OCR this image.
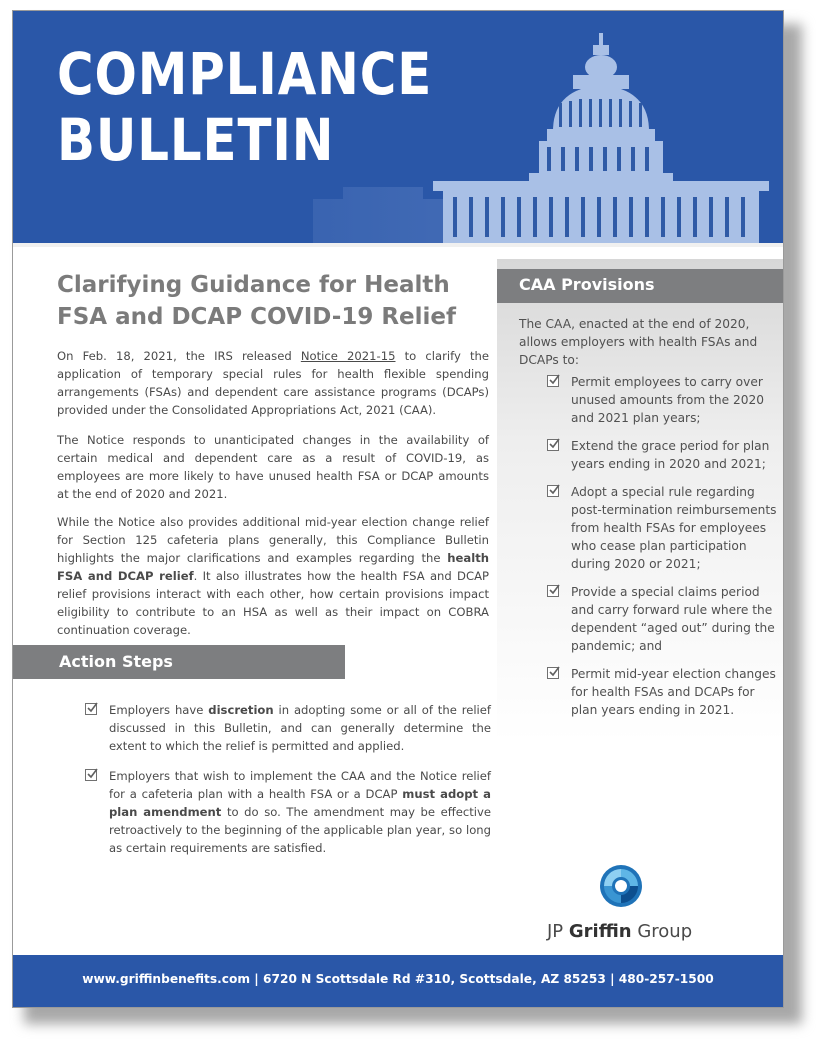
COMPLIANCE
BULLETIN
CAA Provisions
The CAA, enacted at the end of 2020, allows employers with health FSAs and DCAPs to:
Permit employees to carry over unused amounts from the 2020 and 2021 plan years;
Extend the grace period for plan years ending in 2020 and 2021;
Adopt a special rule regarding post-termination reimbursements from health FSAs for employees who cease plan participation during 2020 or 2021;
Provide a special claims period and carry forward rule where the dependent “aged out” during the pandemic; and
Permit mid-year election changes for health FSAs and DCAPs for plan years ending in 2021.
Clarifying Guidance for Health
FSA and DCAP COVID-19 Relief

On Feb. 18, 2021, the IRS released Notice 2021-15 to clarify the application of temporary special rules for health flexible spending arrangements (FSAs) and dependent care assistance programs (DCAPs) provided under the Consolidated Appropriations Act, 2021 (CAA).

The Notice responds to unanticipated changes in the availability of certain medical and dependent care as a result of COVID-19, as employees are more likely to have unused health FSA or DCAP amounts at the end of 2020 and 2021.

While the Notice also provides additional mid-year election change relief for Section 125 cafeteria plans generally, this Compliance Bulletin highlights the major clarifications and examples regarding the health FSA and DCAP relief. It also illustrates how the health FSA and DCAP relief provisions interact with each other, how certain provisions impact eligibility to contribute to an HSA as well as their impact on COBRA continuation coverage.

Action Steps
Employers have discretion in adopting some or all of the relief discussed in this Bulletin, and can generally determine the extent to which the relief is permitted and applied.
Employers that wish to implement the CAA and the Notice relief for a cafeteria plan with a health FSA or a DCAP must adopt a plan amendment to do so. The amendment may be effective retroactively to the beginning of the applicable plan year, so long as certain requirements are satisfied.
JP Griffin Group
www.griffinbenefits.com | 6720 N Scottsdale Rd #310, Scottsdale, AZ 85253 | 480-257-1500
